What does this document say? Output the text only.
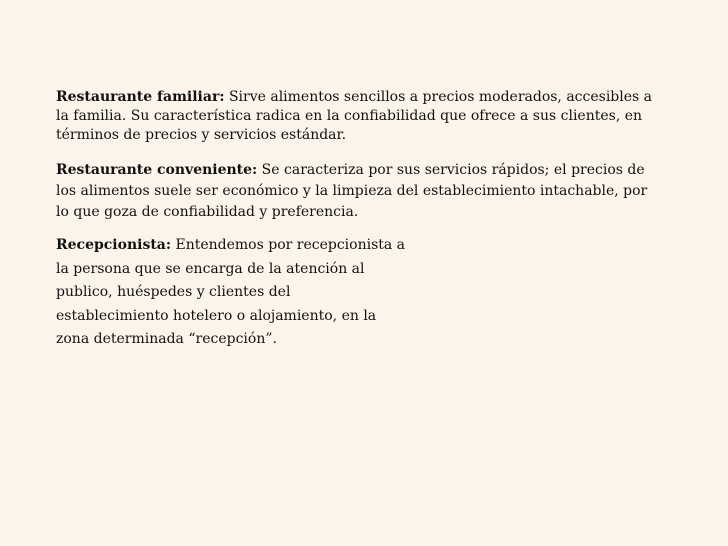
Restaurante familiar: Sirve alimentos sencillos a precios moderados, accesibles a la familia. Su característica radica en la confiabilidad que ofrece a sus clientes, en términos de precios y servicios estándar.

Restaurante conveniente: Se caracteriza por sus servicios rápidos; el precios de los alimentos suele ser económico y la limpieza del establecimiento intachable, por lo que goza de confiabilidad y preferencia.

Recepcionista: Entendemos por recepcionista a
la persona que se encarga de la atención al
publico, huéspedes y clientes del
establecimiento hotelero o alojamiento, en la
zona determinada “recepción”.
